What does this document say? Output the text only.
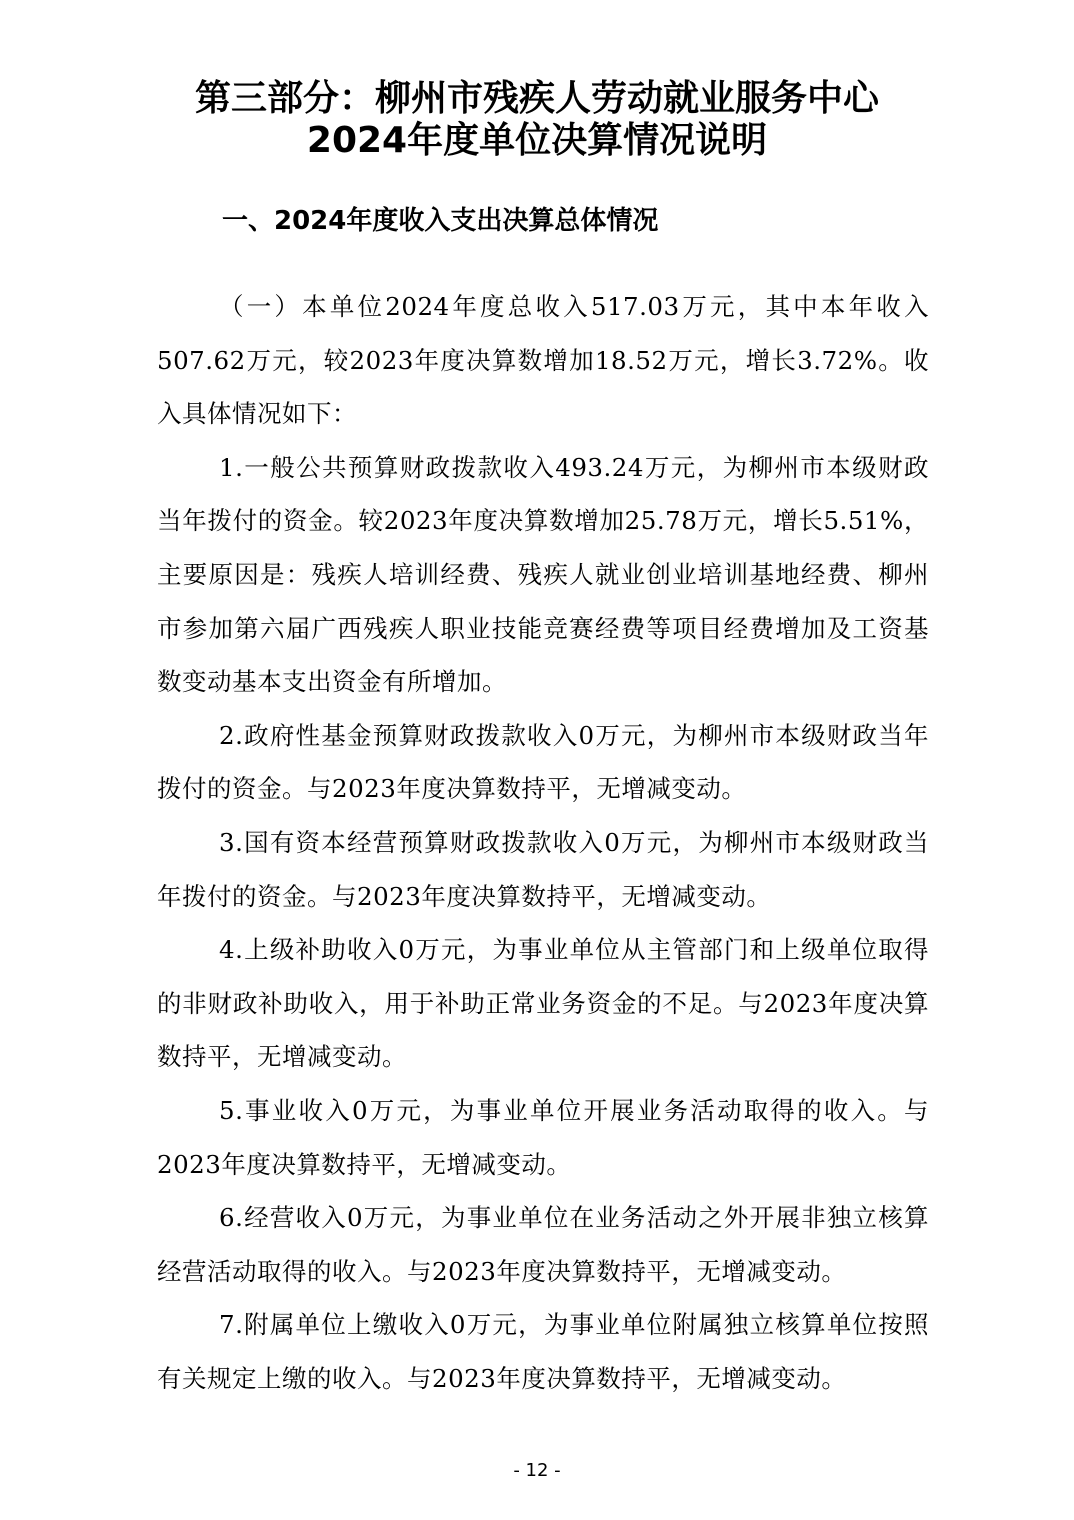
第三部分：柳州市残疾人劳动就业服务中心
2024年度单位决算情况说明
一、2024年度收入支出决算总体情况

（一）本单位2024年度总收入517.03万元，其中本年收入507.62万元，较2023年度决算数增加18.52万元，增长3.72%。收入具体情况如下：

1.一般公共预算财政拨款收入493.24万元，为柳州市本级财政当年拨付的资金。较2023年度决算数增加25.78万元，增长5.51%，主要原因是：残疾人培训经费、残疾人就业创业培训基地经费、柳州市参加第六届广西残疾人职业技能竞赛经费等项目经费增加及工资基数变动基本支出资金有所增加。

2.政府性基金预算财政拨款收入0万元，为柳州市本级财政当年拨付的资金。与2023年度决算数持平，无增减变动。

3.国有资本经营预算财政拨款收入0万元，为柳州市本级财政当年拨付的资金。与2023年度决算数持平，无增减变动。

4.上级补助收入0万元，为事业单位从主管部门和上级单位取得的非财政补助收入，用于补助正常业务资金的不足。与2023年度决算数持平，无增减变动。

5.事业收入0万元，为事业单位开展业务活动取得的收入。与2023年度决算数持平，无增减变动。

6.经营收入0万元，为事业单位在业务活动之外开展非独立核算经营活动取得的收入。与2023年度决算数持平，无增减变动。

7.附属单位上缴收入0万元，为事业单位附属独立核算单位按照有关规定上缴的收入。与2023年度决算数持平，无增减变动。

- 12 -
